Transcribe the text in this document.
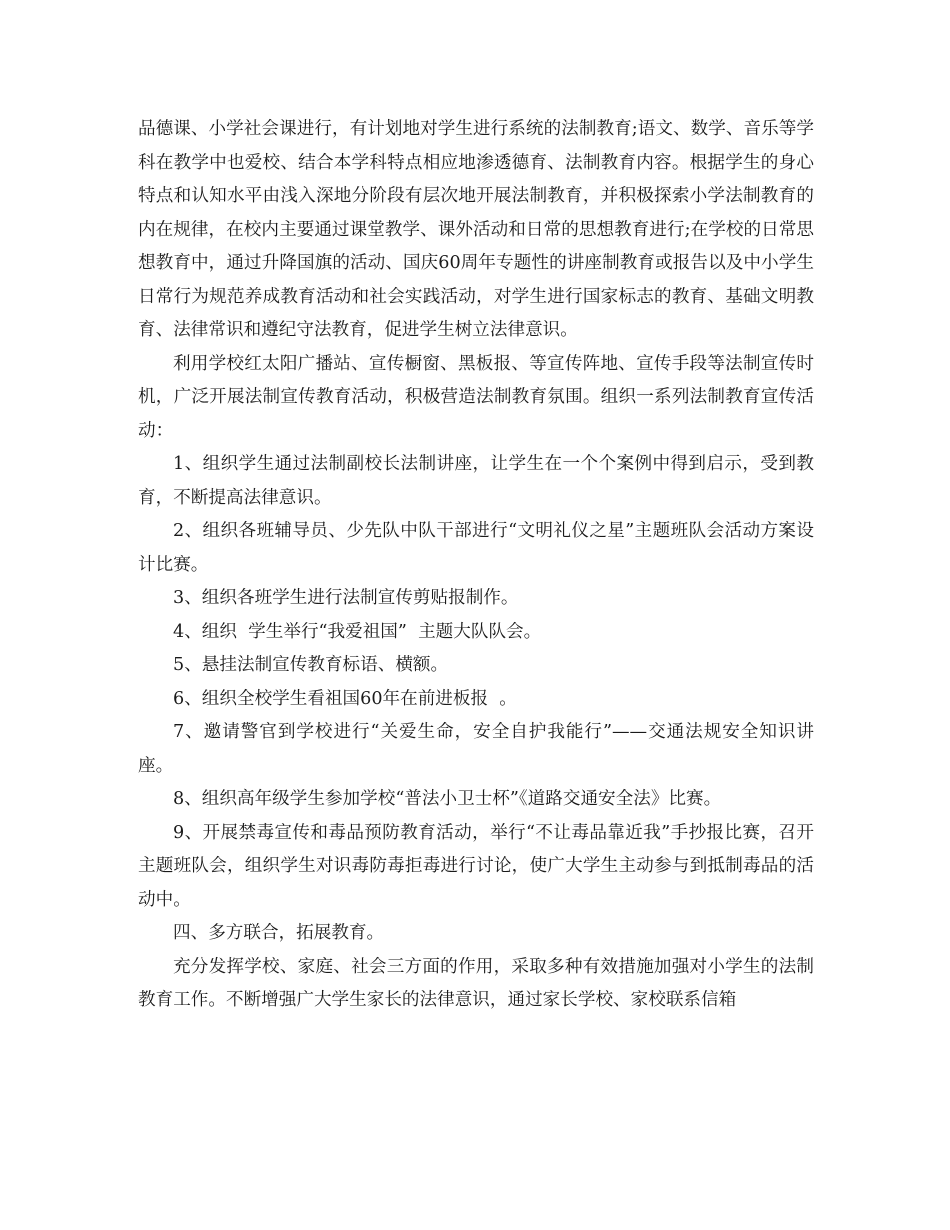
品德课、小学社会课进行，有计划地对学生进行系统的法制教育;语文、数学、音乐等学科在教学中也爱校、结合本学科特点相应地渗透德育、法制教育内容。根据学生的身心特点和认知水平由浅入深地分阶段有层次地开展法制教育，并积极探索小学法制教育的内在规律，在校内主要通过课堂教学、课外活动和日常的思想教育进行;在学校的日常思想教育中，通过升降国旗的活动、国庆60周年专题性的讲座制教育或报告以及中小学生日常行为规范养成教育活动和社会实践活动，对学生进行国家标志的教育、基础文明教育、法律常识和遵纪守法教育，促进学生树立法律意识。

利用学校红太阳广播站、宣传橱窗、黑板报、等宣传阵地、宣传手段等法制宣传时机，广泛开展法制宣传教育活动，积极营造法制教育氛围。组织一系列法制教育宣传活动：

1、组织学生通过法制副校长法制讲座，让学生在一个个案例中得到启示，受到教育，不断提高法律意识。

2、组织各班辅导员、少先队中队干部进行“文明礼仪之星”主题班队会活动方案设计比赛。

3、组织各班学生进行法制宣传剪贴报制作。

4、组织  学生举行“我爱祖国”  主题大队队会。

5、悬挂法制宣传教育标语、横额。

6、组织全校学生看祖国60年在前进板报  。

7、邀请警官到学校进行“关爱生命，安全自护我能行”——交通法规安全知识讲座。

8、组织高年级学生参加学校“普法小卫士杯”《道路交通安全法》比赛。

9、开展禁毒宣传和毒品预防教育活动，举行“不让毒品靠近我”手抄报比赛，召开主题班队会，组织学生对识毒防毒拒毒进行讨论，使广大学生主动参与到抵制毒品的活动中。

四、多方联合，拓展教育。

充分发挥学校、家庭、社会三方面的作用，采取多种有效措施加强对小学生的法制教育工作。不断增强广大学生家长的法律意识，通过家长学校、家校联系信箱
